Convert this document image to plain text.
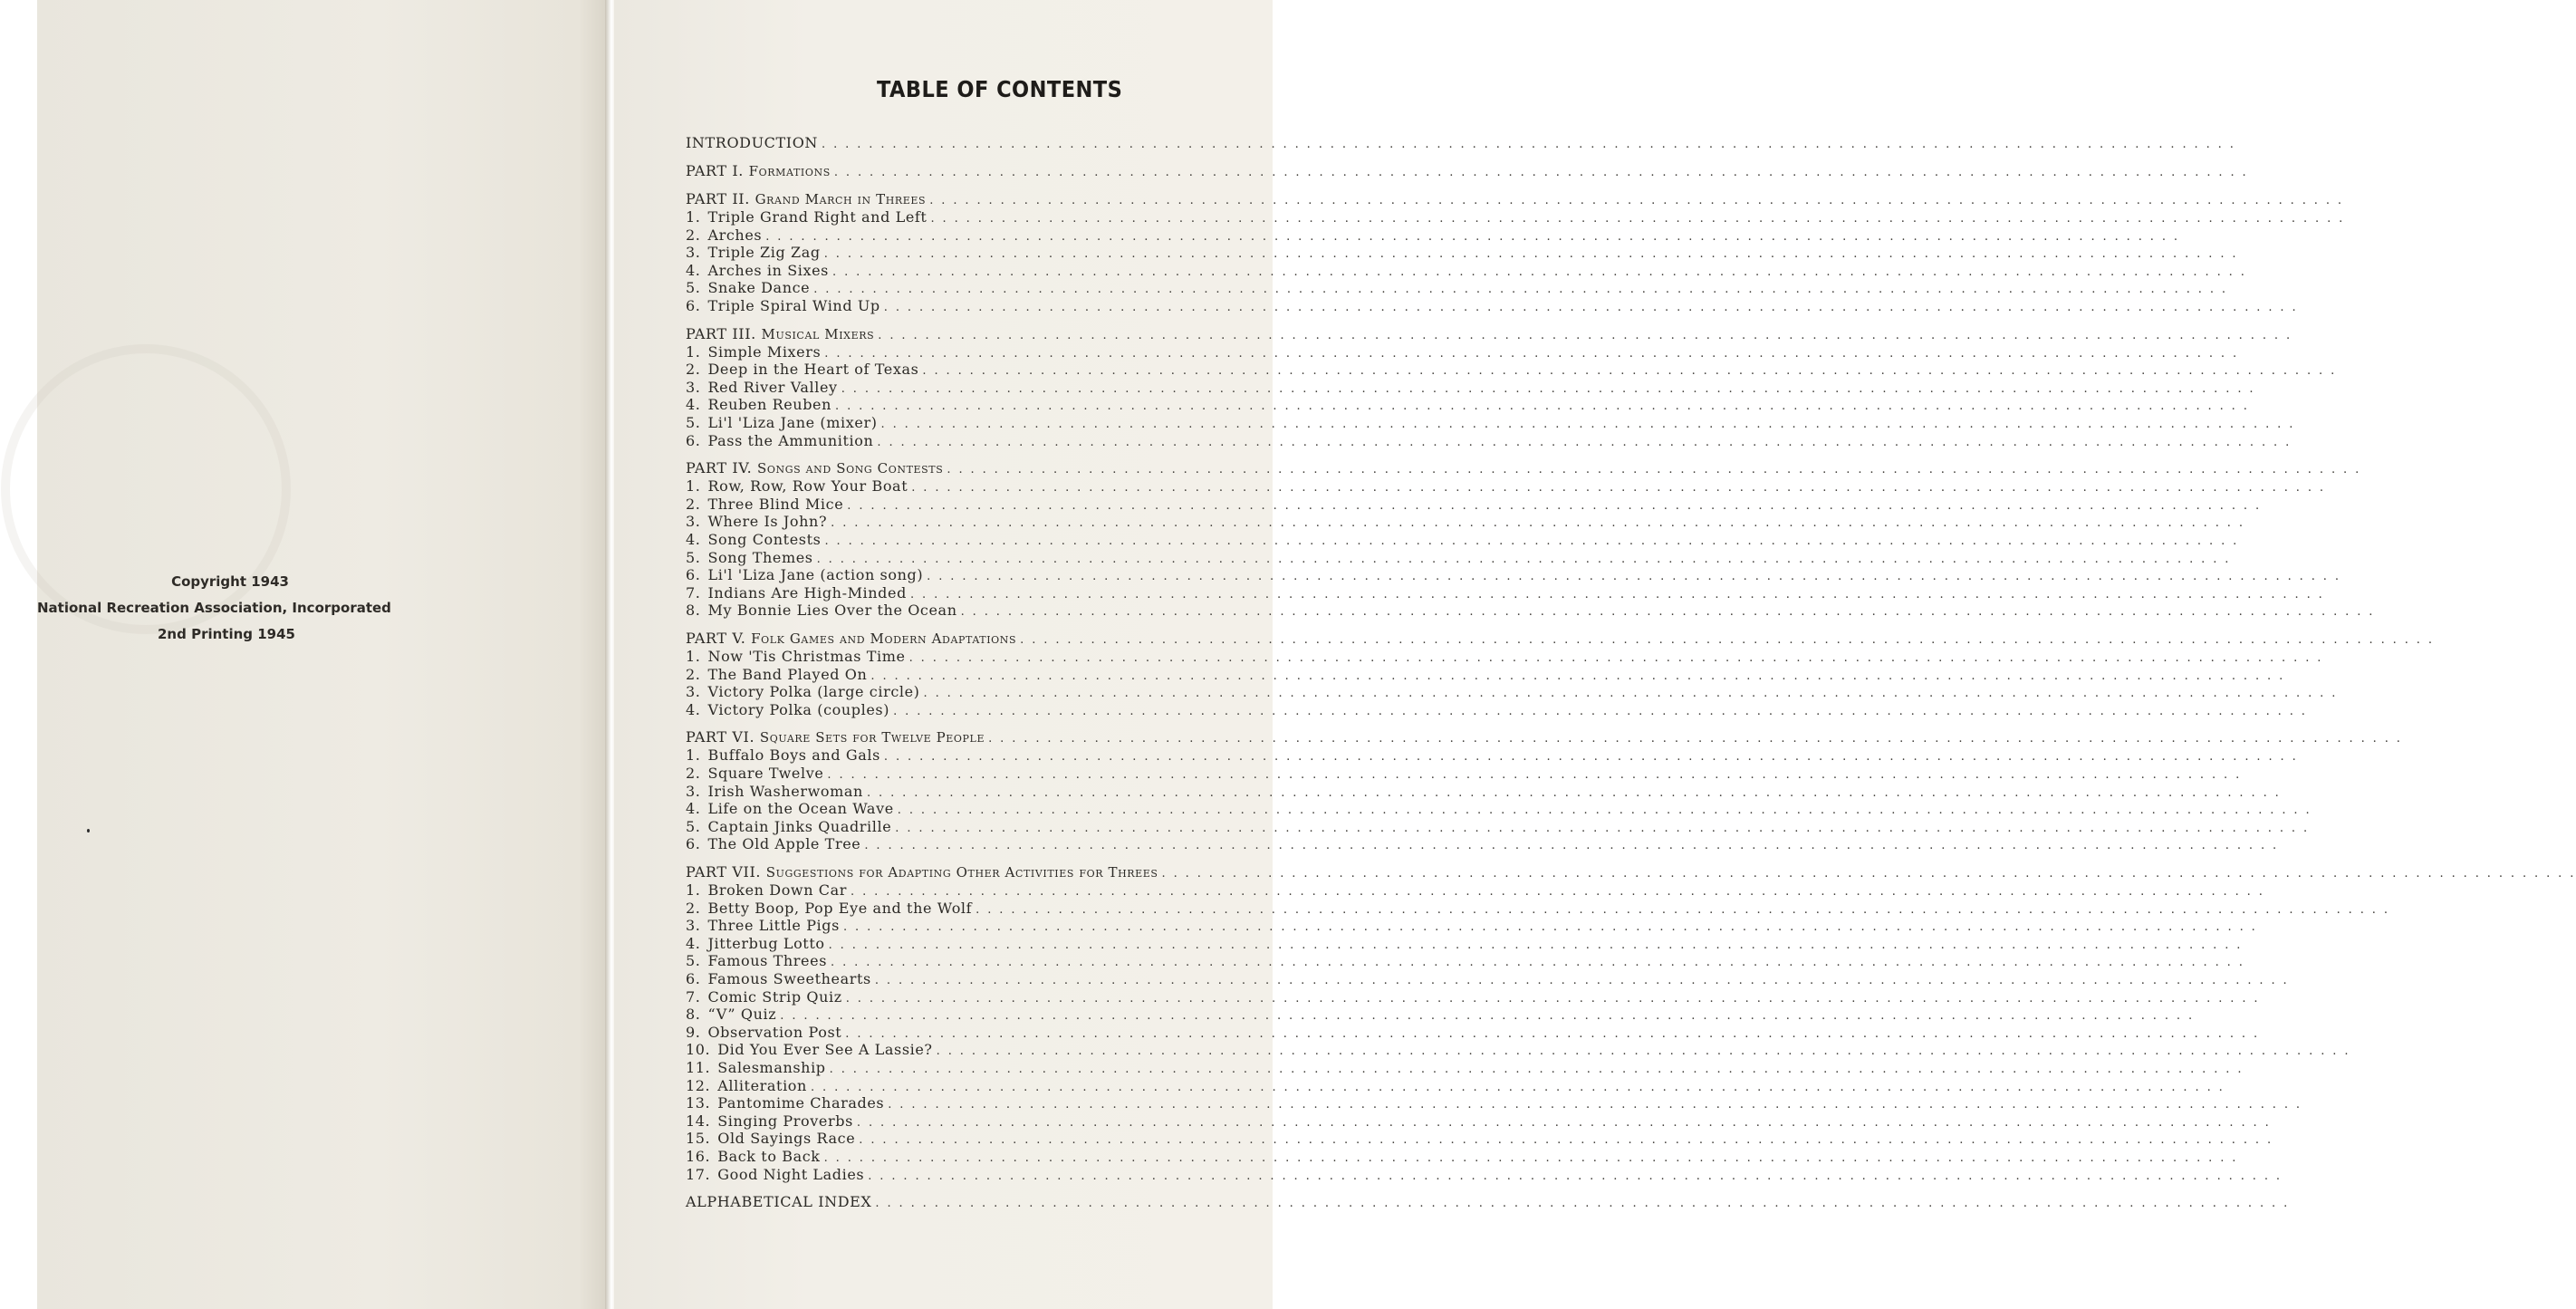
Copyright 1943
National Recreation Association, Incorporated
2nd Printing 1945
TABLE OF CONTENTS
INTRODUCTION . . . . . . . . . . . . . . . . . . . . . . . . . . . . . . . . . . . . . . . . . . . . . . . . . . . . . . . . . . . . . . . . . . . . . . . . . . . . . . . . . . . . . . . . . . . . . . . . . . . . . . . . . . . . . . . . . . . . . . . .
PART I. Formations . . . . . . . . . . . . . . . . . . . . . . . . . . . . . . . . . . . . . . . . . . . . . . . . . . . . . . . . . . . . . . . . . . . . . . . . . . . . . . . . . . . . . . . . . . . . . . . . . . . . . . . . . . . . . . . . . . . . . . . .
PART II. Grand March in Threes . . . . . . . . . . . . . . . . . . . . . . . . . . . . . . . . . . . . . . . . . . . . . . . . . . . . . . . . . . . . . . . . . . . . . . . . . . . . . . . . . . . . . . . . . . . . . . . . . . . . . . . . . . . . . . . . . . . . . . . .
1. Triple Grand Right and Left . . . . . . . . . . . . . . . . . . . . . . . . . . . . . . . . . . . . . . . . . . . . . . . . . . . . . . . . . . . . . . . . . . . . . . . . . . . . . . . . . . . . . . . . . . . . . . . . . . . . . . . . . . . . . . . . . . . . . . . .
2. Arches . . . . . . . . . . . . . . . . . . . . . . . . . . . . . . . . . . . . . . . . . . . . . . . . . . . . . . . . . . . . . . . . . . . . . . . . . . . . . . . . . . . . . . . . . . . . . . . . . . . . . . . . . . . . . . . . . . . . . . . .
3. Triple Zig Zag . . . . . . . . . . . . . . . . . . . . . . . . . . . . . . . . . . . . . . . . . . . . . . . . . . . . . . . . . . . . . . . . . . . . . . . . . . . . . . . . . . . . . . . . . . . . . . . . . . . . . . . . . . . . . . . . . . . . . . . .
4. Arches in Sixes . . . . . . . . . . . . . . . . . . . . . . . . . . . . . . . . . . . . . . . . . . . . . . . . . . . . . . . . . . . . . . . . . . . . . . . . . . . . . . . . . . . . . . . . . . . . . . . . . . . . . . . . . . . . . . . . . . . . . . . .
5. Snake Dance . . . . . . . . . . . . . . . . . . . . . . . . . . . . . . . . . . . . . . . . . . . . . . . . . . . . . . . . . . . . . . . . . . . . . . . . . . . . . . . . . . . . . . . . . . . . . . . . . . . . . . . . . . . . . . . . . . . . . . . .
6. Triple Spiral Wind Up . . . . . . . . . . . . . . . . . . . . . . . . . . . . . . . . . . . . . . . . . . . . . . . . . . . . . . . . . . . . . . . . . . . . . . . . . . . . . . . . . . . . . . . . . . . . . . . . . . . . . . . . . . . . . . . . . . . . . . . .
PART III. Musical Mixers . . . . . . . . . . . . . . . . . . . . . . . . . . . . . . . . . . . . . . . . . . . . . . . . . . . . . . . . . . . . . . . . . . . . . . . . . . . . . . . . . . . . . . . . . . . . . . . . . . . . . . . . . . . . . . . . . . . . . . . .
1. Simple Mixers . . . . . . . . . . . . . . . . . . . . . . . . . . . . . . . . . . . . . . . . . . . . . . . . . . . . . . . . . . . . . . . . . . . . . . . . . . . . . . . . . . . . . . . . . . . . . . . . . . . . . . . . . . . . . . . . . . . . . . . .
2. Deep in the Heart of Texas . . . . . . . . . . . . . . . . . . . . . . . . . . . . . . . . . . . . . . . . . . . . . . . . . . . . . . . . . . . . . . . . . . . . . . . . . . . . . . . . . . . . . . . . . . . . . . . . . . . . . . . . . . . . . . . . . . . . . . . .
3. Red River Valley . . . . . . . . . . . . . . . . . . . . . . . . . . . . . . . . . . . . . . . . . . . . . . . . . . . . . . . . . . . . . . . . . . . . . . . . . . . . . . . . . . . . . . . . . . . . . . . . . . . . . . . . . . . . . . . . . . . . . . . .
4. Reuben Reuben . . . . . . . . . . . . . . . . . . . . . . . . . . . . . . . . . . . . . . . . . . . . . . . . . . . . . . . . . . . . . . . . . . . . . . . . . . . . . . . . . . . . . . . . . . . . . . . . . . . . . . . . . . . . . . . . . . . . . . . .
5. Li'l 'Liza Jane (mixer) . . . . . . . . . . . . . . . . . . . . . . . . . . . . . . . . . . . . . . . . . . . . . . . . . . . . . . . . . . . . . . . . . . . . . . . . . . . . . . . . . . . . . . . . . . . . . . . . . . . . . . . . . . . . . . . . . . . . . . . .
6. Pass the Ammunition . . . . . . . . . . . . . . . . . . . . . . . . . . . . . . . . . . . . . . . . . . . . . . . . . . . . . . . . . . . . . . . . . . . . . . . . . . . . . . . . . . . . . . . . . . . . . . . . . . . . . . . . . . . . . . . . . . . . . . . .
PART IV. Songs and Song Contests . . . . . . . . . . . . . . . . . . . . . . . . . . . . . . . . . . . . . . . . . . . . . . . . . . . . . . . . . . . . . . . . . . . . . . . . . . . . . . . . . . . . . . . . . . . . . . . . . . . . . . . . . . . . . . . . . . . . . . . .
1. Row, Row, Row Your Boat . . . . . . . . . . . . . . . . . . . . . . . . . . . . . . . . . . . . . . . . . . . . . . . . . . . . . . . . . . . . . . . . . . . . . . . . . . . . . . . . . . . . . . . . . . . . . . . . . . . . . . . . . . . . . . . . . . . . . . . .
2. Three Blind Mice . . . . . . . . . . . . . . . . . . . . . . . . . . . . . . . . . . . . . . . . . . . . . . . . . . . . . . . . . . . . . . . . . . . . . . . . . . . . . . . . . . . . . . . . . . . . . . . . . . . . . . . . . . . . . . . . . . . . . . . .
3. Where Is John? . . . . . . . . . . . . . . . . . . . . . . . . . . . . . . . . . . . . . . . . . . . . . . . . . . . . . . . . . . . . . . . . . . . . . . . . . . . . . . . . . . . . . . . . . . . . . . . . . . . . . . . . . . . . . . . . . . . . . . . .
4. Song Contests . . . . . . . . . . . . . . . . . . . . . . . . . . . . . . . . . . . . . . . . . . . . . . . . . . . . . . . . . . . . . . . . . . . . . . . . . . . . . . . . . . . . . . . . . . . . . . . . . . . . . . . . . . . . . . . . . . . . . . . .
5. Song Themes . . . . . . . . . . . . . . . . . . . . . . . . . . . . . . . . . . . . . . . . . . . . . . . . . . . . . . . . . . . . . . . . . . . . . . . . . . . . . . . . . . . . . . . . . . . . . . . . . . . . . . . . . . . . . . . . . . . . . . . .
6. Li'l 'Liza Jane (action song) . . . . . . . . . . . . . . . . . . . . . . . . . . . . . . . . . . . . . . . . . . . . . . . . . . . . . . . . . . . . . . . . . . . . . . . . . . . . . . . . . . . . . . . . . . . . . . . . . . . . . . . . . . . . . . . . . . . . . . . .
7. Indians Are High-Minded . . . . . . . . . . . . . . . . . . . . . . . . . . . . . . . . . . . . . . . . . . . . . . . . . . . . . . . . . . . . . . . . . . . . . . . . . . . . . . . . . . . . . . . . . . . . . . . . . . . . . . . . . . . . . . . . . . . . . . . .
8. My Bonnie Lies Over the Ocean . . . . . . . . . . . . . . . . . . . . . . . . . . . . . . . . . . . . . . . . . . . . . . . . . . . . . . . . . . . . . . . . . . . . . . . . . . . . . . . . . . . . . . . . . . . . . . . . . . . . . . . . . . . . . . . . . . . . . . . .
PART V. Folk Games and Modern Adaptations . . . . . . . . . . . . . . . . . . . . . . . . . . . . . . . . . . . . . . . . . . . . . . . . . . . . . . . . . . . . . . . . . . . . . . . . . . . . . . . . . . . . . . . . . . . . . . . . . . . . . . . . . . . . . . . . . . . . . . . .
1. Now 'Tis Christmas Time . . . . . . . . . . . . . . . . . . . . . . . . . . . . . . . . . . . . . . . . . . . . . . . . . . . . . . . . . . . . . . . . . . . . . . . . . . . . . . . . . . . . . . . . . . . . . . . . . . . . . . . . . . . . . . . . . . . . . . . .
2. The Band Played On . . . . . . . . . . . . . . . . . . . . . . . . . . . . . . . . . . . . . . . . . . . . . . . . . . . . . . . . . . . . . . . . . . . . . . . . . . . . . . . . . . . . . . . . . . . . . . . . . . . . . . . . . . . . . . . . . . . . . . . .
3. Victory Polka (large circle) . . . . . . . . . . . . . . . . . . . . . . . . . . . . . . . . . . . . . . . . . . . . . . . . . . . . . . . . . . . . . . . . . . . . . . . . . . . . . . . . . . . . . . . . . . . . . . . . . . . . . . . . . . . . . . . . . . . . . . . .
4. Victory Polka (couples) . . . . . . . . . . . . . . . . . . . . . . . . . . . . . . . . . . . . . . . . . . . . . . . . . . . . . . . . . . . . . . . . . . . . . . . . . . . . . . . . . . . . . . . . . . . . . . . . . . . . . . . . . . . . . . . . . . . . . . . .
PART VI. Square Sets for Twelve People . . . . . . . . . . . . . . . . . . . . . . . . . . . . . . . . . . . . . . . . . . . . . . . . . . . . . . . . . . . . . . . . . . . . . . . . . . . . . . . . . . . . . . . . . . . . . . . . . . . . . . . . . . . . . . . . . . . . . . . .
1. Buffalo Boys and Gals . . . . . . . . . . . . . . . . . . . . . . . . . . . . . . . . . . . . . . . . . . . . . . . . . . . . . . . . . . . . . . . . . . . . . . . . . . . . . . . . . . . . . . . . . . . . . . . . . . . . . . . . . . . . . . . . . . . . . . . .
2. Square Twelve . . . . . . . . . . . . . . . . . . . . . . . . . . . . . . . . . . . . . . . . . . . . . . . . . . . . . . . . . . . . . . . . . . . . . . . . . . . . . . . . . . . . . . . . . . . . . . . . . . . . . . . . . . . . . . . . . . . . . . . .
3. Irish Washerwoman . . . . . . . . . . . . . . . . . . . . . . . . . . . . . . . . . . . . . . . . . . . . . . . . . . . . . . . . . . . . . . . . . . . . . . . . . . . . . . . . . . . . . . . . . . . . . . . . . . . . . . . . . . . . . . . . . . . . . . . .
4. Life on the Ocean Wave . . . . . . . . . . . . . . . . . . . . . . . . . . . . . . . . . . . . . . . . . . . . . . . . . . . . . . . . . . . . . . . . . . . . . . . . . . . . . . . . . . . . . . . . . . . . . . . . . . . . . . . . . . . . . . . . . . . . . . . .
5. Captain Jinks Quadrille . . . . . . . . . . . . . . . . . . . . . . . . . . . . . . . . . . . . . . . . . . . . . . . . . . . . . . . . . . . . . . . . . . . . . . . . . . . . . . . . . . . . . . . . . . . . . . . . . . . . . . . . . . . . . . . . . . . . . . . .
6. The Old Apple Tree . . . . . . . . . . . . . . . . . . . . . . . . . . . . . . . . . . . . . . . . . . . . . . . . . . . . . . . . . . . . . . . . . . . . . . . . . . . . . . . . . . . . . . . . . . . . . . . . . . . . . . . . . . . . . . . . . . . . . . . .
PART VII. Suggestions for Adapting Other Activities for Threes . . . . . . . . . . . . . . . . . . . . . . . . . . . . . . . . . . . . . . . . . . . . . . . . . . . . . . . . . . . . . . . . . . . . . . . . . . . . . . . . . . . . . . . . . . . . . . . . . . . . . . . . . . . . . . . . . . . . . . . .
1. Broken Down Car . . . . . . . . . . . . . . . . . . . . . . . . . . . . . . . . . . . . . . . . . . . . . . . . . . . . . . . . . . . . . . . . . . . . . . . . . . . . . . . . . . . . . . . . . . . . . . . . . . . . . . . . . . . . . . . . . . . . . . . .
2. Betty Boop, Pop Eye and the Wolf . . . . . . . . . . . . . . . . . . . . . . . . . . . . . . . . . . . . . . . . . . . . . . . . . . . . . . . . . . . . . . . . . . . . . . . . . . . . . . . . . . . . . . . . . . . . . . . . . . . . . . . . . . . . . . . . . . . . . . . .
3. Three Little Pigs . . . . . . . . . . . . . . . . . . . . . . . . . . . . . . . . . . . . . . . . . . . . . . . . . . . . . . . . . . . . . . . . . . . . . . . . . . . . . . . . . . . . . . . . . . . . . . . . . . . . . . . . . . . . . . . . . . . . . . . .
4. Jitterbug Lotto . . . . . . . . . . . . . . . . . . . . . . . . . . . . . . . . . . . . . . . . . . . . . . . . . . . . . . . . . . . . . . . . . . . . . . . . . . . . . . . . . . . . . . . . . . . . . . . . . . . . . . . . . . . . . . . . . . . . . . . .
5. Famous Threes . . . . . . . . . . . . . . . . . . . . . . . . . . . . . . . . . . . . . . . . . . . . . . . . . . . . . . . . . . . . . . . . . . . . . . . . . . . . . . . . . . . . . . . . . . . . . . . . . . . . . . . . . . . . . . . . . . . . . . . .
6. Famous Sweethearts . . . . . . . . . . . . . . . . . . . . . . . . . . . . . . . . . . . . . . . . . . . . . . . . . . . . . . . . . . . . . . . . . . . . . . . . . . . . . . . . . . . . . . . . . . . . . . . . . . . . . . . . . . . . . . . . . . . . . . . .
7. Comic Strip Quiz . . . . . . . . . . . . . . . . . . . . . . . . . . . . . . . . . . . . . . . . . . . . . . . . . . . . . . . . . . . . . . . . . . . . . . . . . . . . . . . . . . . . . . . . . . . . . . . . . . . . . . . . . . . . . . . . . . . . . . . .
8. “V” Quiz . . . . . . . . . . . . . . . . . . . . . . . . . . . . . . . . . . . . . . . . . . . . . . . . . . . . . . . . . . . . . . . . . . . . . . . . . . . . . . . . . . . . . . . . . . . . . . . . . . . . . . . . . . . . . . . . . . . . . . . .
9. Observation Post . . . . . . . . . . . . . . . . . . . . . . . . . . . . . . . . . . . . . . . . . . . . . . . . . . . . . . . . . . . . . . . . . . . . . . . . . . . . . . . . . . . . . . . . . . . . . . . . . . . . . . . . . . . . . . . . . . . . . . . .
10. Did You Ever See A Lassie? . . . . . . . . . . . . . . . . . . . . . . . . . . . . . . . . . . . . . . . . . . . . . . . . . . . . . . . . . . . . . . . . . . . . . . . . . . . . . . . . . . . . . . . . . . . . . . . . . . . . . . . . . . . . . . . . . . . . . . . .
11. Salesmanship . . . . . . . . . . . . . . . . . . . . . . . . . . . . . . . . . . . . . . . . . . . . . . . . . . . . . . . . . . . . . . . . . . . . . . . . . . . . . . . . . . . . . . . . . . . . . . . . . . . . . . . . . . . . . . . . . . . . . . . .
12. Alliteration . . . . . . . . . . . . . . . . . . . . . . . . . . . . . . . . . . . . . . . . . . . . . . . . . . . . . . . . . . . . . . . . . . . . . . . . . . . . . . . . . . . . . . . . . . . . . . . . . . . . . . . . . . . . . . . . . . . . . . . .
13. Pantomime Charades . . . . . . . . . . . . . . . . . . . . . . . . . . . . . . . . . . . . . . . . . . . . . . . . . . . . . . . . . . . . . . . . . . . . . . . . . . . . . . . . . . . . . . . . . . . . . . . . . . . . . . . . . . . . . . . . . . . . . . . .
14. Singing Proverbs . . . . . . . . . . . . . . . . . . . . . . . . . . . . . . . . . . . . . . . . . . . . . . . . . . . . . . . . . . . . . . . . . . . . . . . . . . . . . . . . . . . . . . . . . . . . . . . . . . . . . . . . . . . . . . . . . . . . . . . .
15. Old Sayings Race . . . . . . . . . . . . . . . . . . . . . . . . . . . . . . . . . . . . . . . . . . . . . . . . . . . . . . . . . . . . . . . . . . . . . . . . . . . . . . . . . . . . . . . . . . . . . . . . . . . . . . . . . . . . . . . . . . . . . . . .
16. Back to Back . . . . . . . . . . . . . . . . . . . . . . . . . . . . . . . . . . . . . . . . . . . . . . . . . . . . . . . . . . . . . . . . . . . . . . . . . . . . . . . . . . . . . . . . . . . . . . . . . . . . . . . . . . . . . . . . . . . . . . . .
17. Good Night Ladies . . . . . . . . . . . . . . . . . . . . . . . . . . . . . . . . . . . . . . . . . . . . . . . . . . . . . . . . . . . . . . . . . . . . . . . . . . . . . . . . . . . . . . . . . . . . . . . . . . . . . . . . . . . . . . . . . . . . . . . .
ALPHABETICAL INDEX . . . . . . . . . . . . . . . . . . . . . . . . . . . . . . . . . . . . . . . . . . . . . . . . . . . . . . . . . . . . . . . . . . . . . . . . . . . . . . . . . . . . . . . . . . . . . . . . . . . . . . . . . . . . . . . . . . . . . . . .
